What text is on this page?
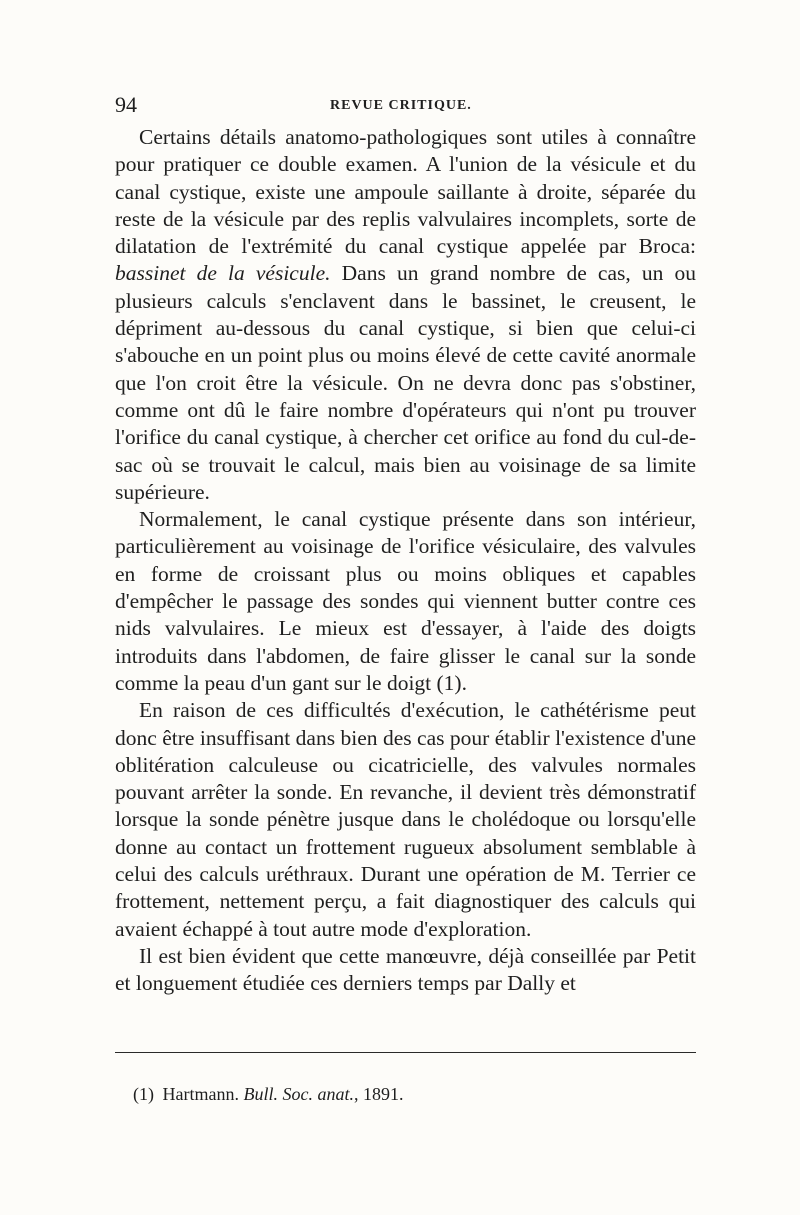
94	REVUE CRITIQUE.

Certains détails anatomo-pathologiques sont utiles à connaître pour pratiquer ce double examen. A l'union de la vésicule et du canal cystique, existe une ampoule saillante à droite, séparée du reste de la vésicule par des replis valvulaires incomplets, sorte de dilatation de l'extrémité du canal cystique appelée par Broca: bassinet de la vésicule. Dans un grand nombre de cas, un ou plusieurs calculs s'enclavent dans le bassinet, le creusent, le dépriment au-dessous du canal cystique, si bien que celui-ci s'abouche en un point plus ou moins élevé de cette cavité anormale que l'on croit être la vésicule. On ne devra donc pas s'obstiner, comme ont dû le faire nombre d'opérateurs qui n'ont pu trouver l'orifice du canal cystique, à chercher cet orifice au fond du cul-de-sac où se trouvait le calcul, mais bien au voisinage de sa limite supérieure.

Normalement, le canal cystique présente dans son intérieur, particulièrement au voisinage de l'orifice vésiculaire, des valvules en forme de croissant plus ou moins obliques et capables d'empêcher le passage des sondes qui viennent butter contre ces nids valvulaires. Le mieux est d'essayer, à l'aide des doigts introduits dans l'abdomen, de faire glisser le canal sur la sonde comme la peau d'un gant sur le doigt (1).

En raison de ces difficultés d'exécution, le cathétérisme peut donc être insuffisant dans bien des cas pour établir l'existence d'une oblitération calculeuse ou cicatricielle, des valvules normales pouvant arrêter la sonde. En revanche, il devient très démonstratif lorsque la sonde pénètre jusque dans le cholédoque ou lorsqu'elle donne au contact un frottement rugueux absolument semblable à celui des calculs uréthraux. Durant une opération de M. Terrier ce frottement, nettement perçu, a fait diagnostiquer des calculs qui avaient échappé à tout autre mode d'exploration.

Il est bien évident que cette manœuvre, déjà conseillée par Petit et longuement étudiée ces derniers temps par Dally et

(1) Hartmann. Bull. Soc. anat., 1891.
